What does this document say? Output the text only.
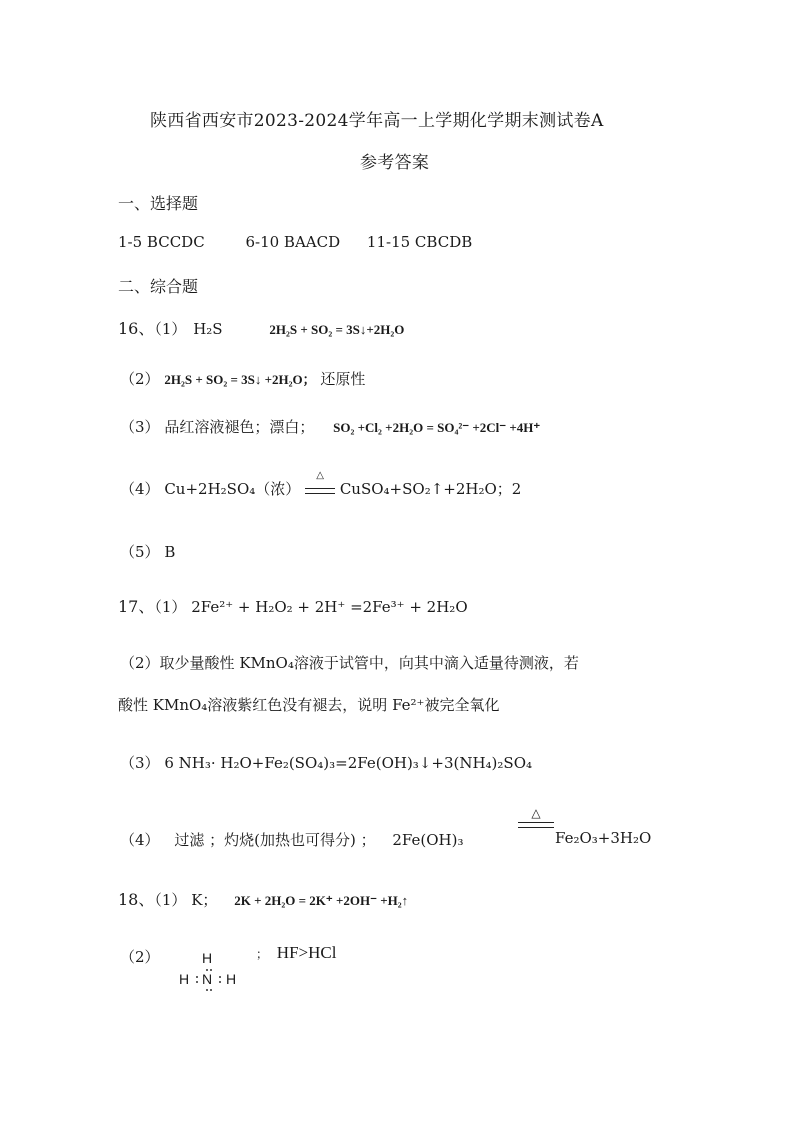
陕西省西安市2023-2024学年高一上学期化学期末测试卷A
参考答案
一、选择题
1-5 BCCDC	6-10 BAACD 11-15 CBCDB
二、综合题
16、（1） H₂S	2H₂S + SO₂ = 3S↓+2H₂O
（2） 2H₂S + SO₂ = 3S↓ +2H₂O； 还原性
（3） 品红溶液褪色；漂白； SO₂ +Cl₂ +2H₂O = SO₄²⁻ +2Cl⁻ +4H⁺
（4） Cu+2H₂SO₄（浓）
△
CuSO₄+SO₂↑+2H₂O；2
（5） B
17、（1） 2Fe²⁺ + H₂O₂ + 2H⁺ =2Fe³⁺ + 2H₂O
（2）取少量酸性 KMnO₄溶液于试管中，向其中滴入适量待测液，若
酸性 KMnO₄溶液紫红色没有褪去，说明 Fe²⁺被完全氧化
（3） 6 NH₃· H₂O+Fe₂(SO₄)₃=2Fe(OH)₃↓+3(NH₄)₂SO₄
（4） 过滤 ；灼烧(加热也可得分) ； 2Fe(OH)₃
△
Fe₂O₃+3H₂O
18、（1） K； 2K + 2H₂O = 2K⁺ +2OH⁻ +H₂↑
（2）	H
H N H
； HF>HCl
